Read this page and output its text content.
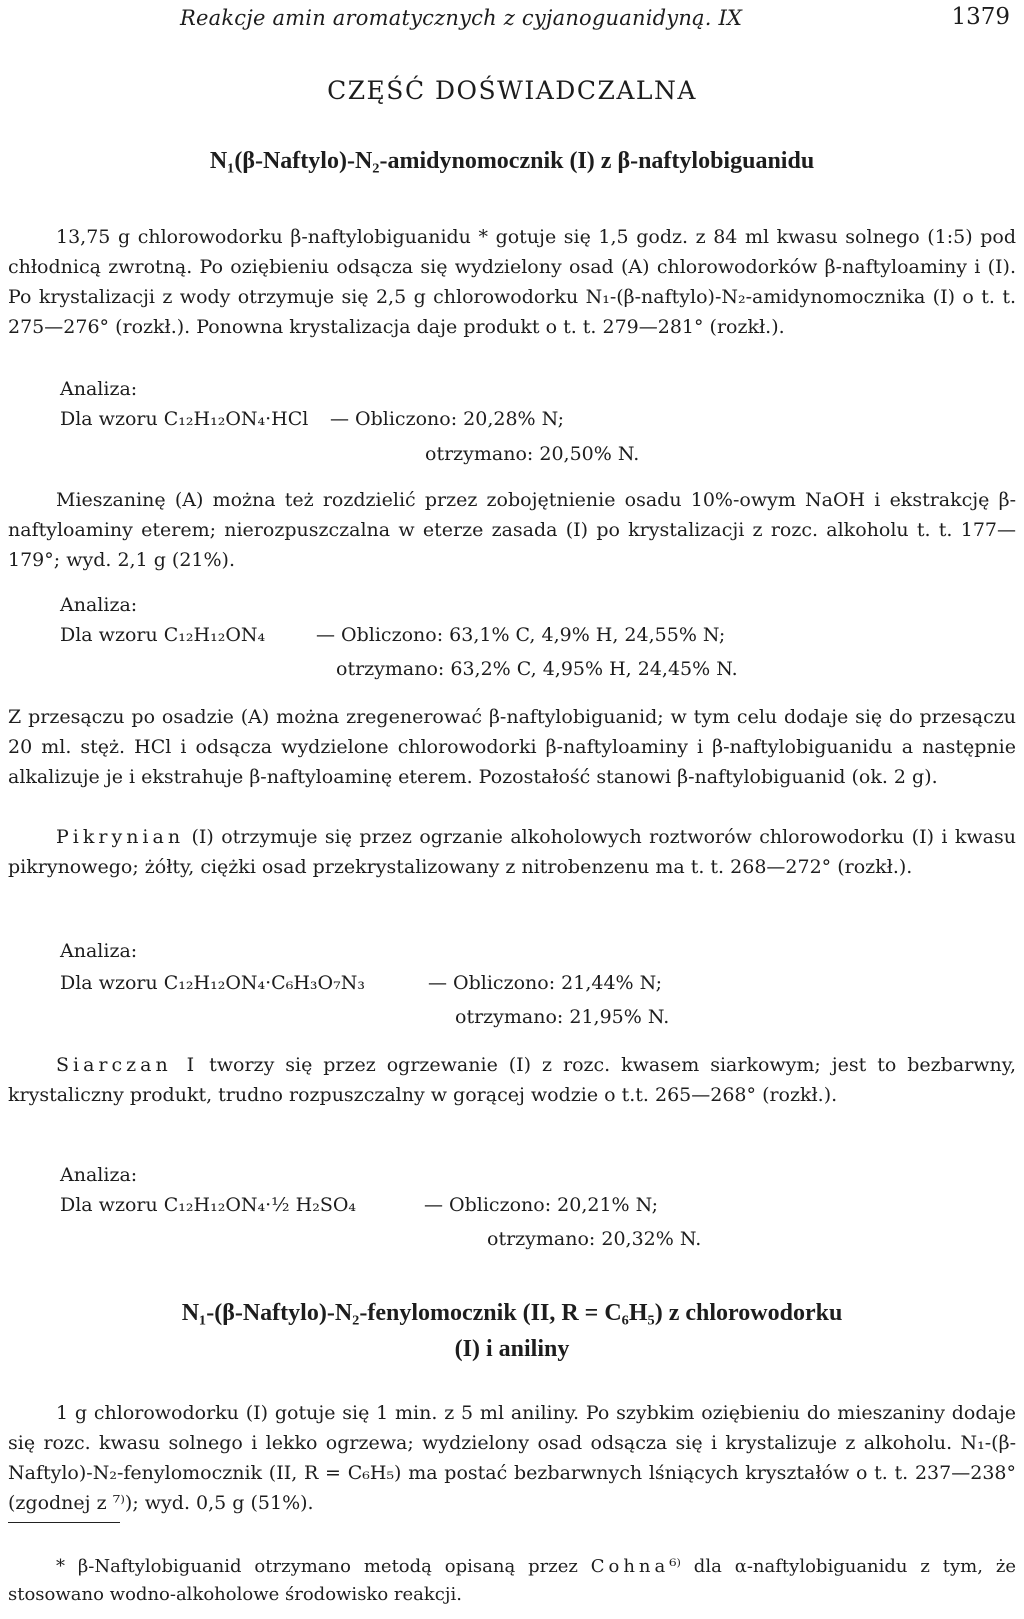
Reakcje amin aromatycznych z cyjanoguanidyną. IX	1379
CZĘŚĆ DOŚWIADCZALNA
N₁(β-Naftylo)-N₂-amidynomocznik (I) z β-naftylobiguanidu

13,75 g chlorowodorku β-naftylobiguanidu * gotuje się 1,5 godz. z 84 ml kwasu solnego (1:5) pod chłodnicą zwrotną. Po oziębieniu odsącza się wydzielony osad (A) chlorowodorków β-naftyloaminy i (I). Po krystalizacji z wody otrzymuje się 2,5 g chlorowodorku N₁-(β-naftylo)-N₂-amidynomocznika (I) o t. t. 275—276° (rozkł.). Ponowna krystalizacja daje produkt o t. t. 279—281° (rozkł.).

Analiza:
Dla wzoru C₁₂H₁₂ON₄·HCl — Obliczono: 20,28% N;
otrzymano: 20,50% N.

Mieszaninę (A) można też rozdzielić przez zobojętnienie osadu 10%-owym NaOH i ekstrakcję β-naftyloaminy eterem; nierozpuszczalna w eterze zasada (I) po krystalizacji z rozc. alkoholu t. t. 177—179°; wyd. 2,1 g (21%).

Analiza:
Dla wzoru C₁₂H₁₂ON₄	— Obliczono: 63,1% C, 4,9% H, 24,55% N;
otrzymano: 63,2% C, 4,95% H, 24,45% N.

Z przesączu po osadzie (A) można zregenerować β-naftylobiguanid; w tym celu dodaje się do przesączu 20 ml. stęż. HCl i odsącza wydzielone chlorowodorki β-naftyloaminy i β-naftylobiguanidu a następnie alkalizuje je i ekstrahuje β-naftyloaminę eterem. Pozostałość stanowi β-naftylobiguanid (ok. 2 g).

Pikrynian (I) otrzymuje się przez ogrzanie alkoholowych roztworów chlorowodorku (I) i kwasu pikrynowego; żółty, ciężki osad przekrystalizowany z nitrobenzenu ma t. t. 268—272° (rozkł.).

Analiza:
Dla wzoru C₁₂H₁₂ON₄·C₆H₃O₇N₃	— Obliczono: 21,44% N;
otrzymano: 21,95% N.

Siarczan I tworzy się przez ogrzewanie (I) z rozc. kwasem siarkowym; jest to bezbarwny, krystaliczny produkt, trudno rozpuszczalny w gorącej wodzie o t.t. 265—268° (rozkł.).

Analiza:
Dla wzoru C₁₂H₁₂ON₄·½ H₂SO₄	— Obliczono: 20,21% N;
otrzymano: 20,32% N.
N₁-(β-Naftylo)-N₂-fenylomocznik (II, R = C₆H₅) z chlorowodorku
(I) i aniliny

1 g chlorowodorku (I) gotuje się 1 min. z 5 ml aniliny. Po szybkim oziębieniu do mieszaniny dodaje się rozc. kwasu solnego i lekko ogrzewa; wydzielony osad odsącza się i krystalizuje z alkoholu. N₁-(β-Naftylo)-N₂-fenylomocznik (II, R = C₆H₅) ma postać bezbarwnych lśniących kryształów o t. t. 237—238° (zgodnej z ⁷⁾); wyd. 0,5 g (51%).

* β-Naftylobiguanid otrzymano metodą opisaną przez Cohna⁶⁾ dla α-naftylobiguanidu z tym, że stosowano wodno-alkoholowe środowisko reakcji.
